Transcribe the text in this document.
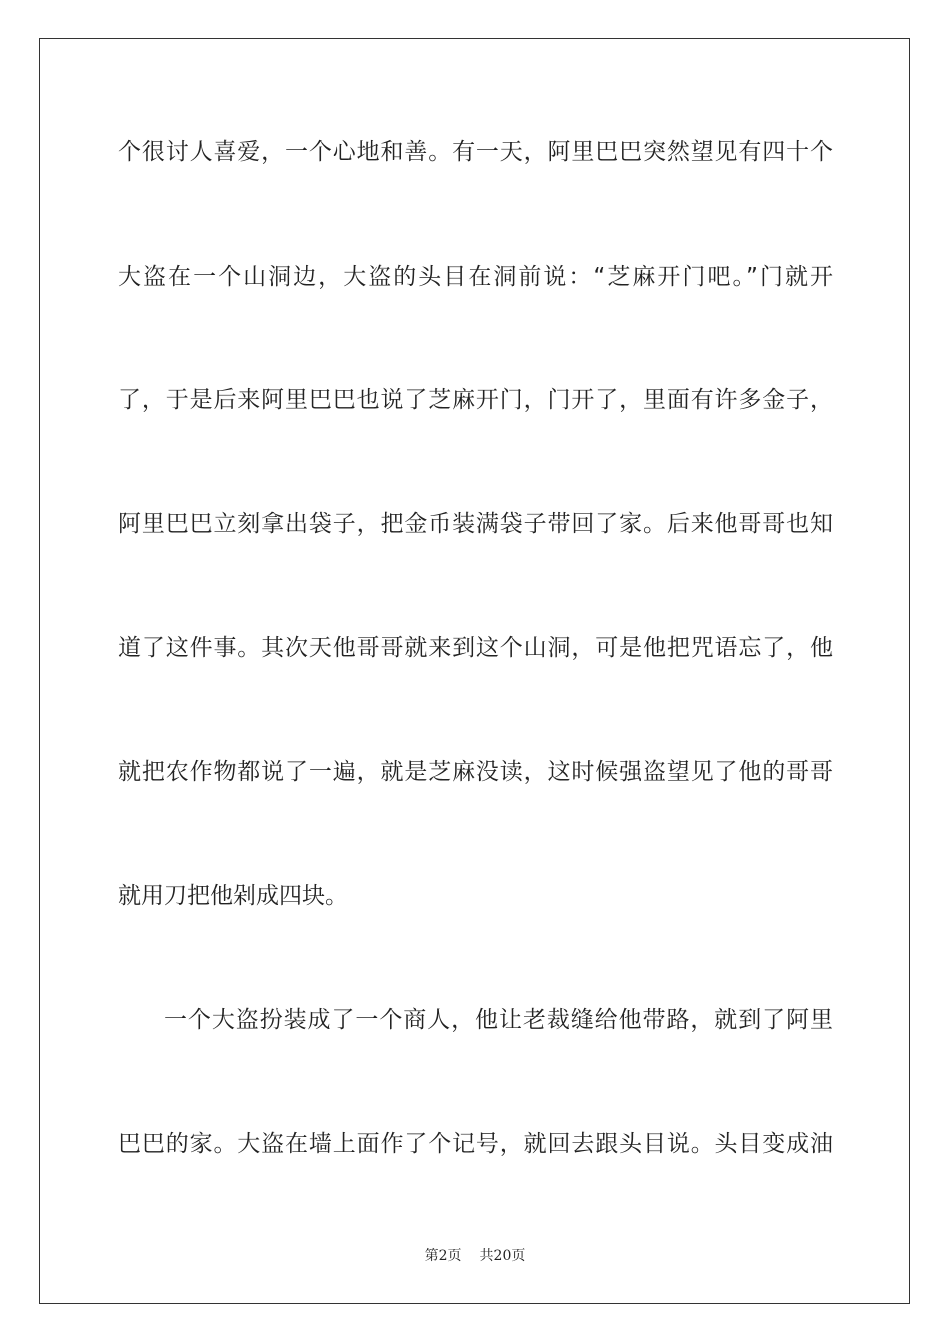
个很讨人喜爱，一个心地和善。有一天，阿里巴巴突然望见有四十个
大盗在一个山洞边，大盗的头目在洞前说：“芝麻开门吧。”门就开
了，于是后来阿里巴巴也说了芝麻开门，门开了，里面有许多金子，
阿里巴巴立刻拿出袋子，把金币装满袋子带回了家。后来他哥哥也知
道了这件事。其次天他哥哥就来到这个山洞，可是他把咒语忘了，他
就把农作物都说了一遍，就是芝麻没读，这时候强盗望见了他的哥哥
就用刀把他剁成四块。
一个大盗扮装成了一个商人，他让老裁缝给他带路，就到了阿里
巴巴的家。大盗在墙上面作了个记号，就回去跟头目说。头目变成油
第2页 共20页
